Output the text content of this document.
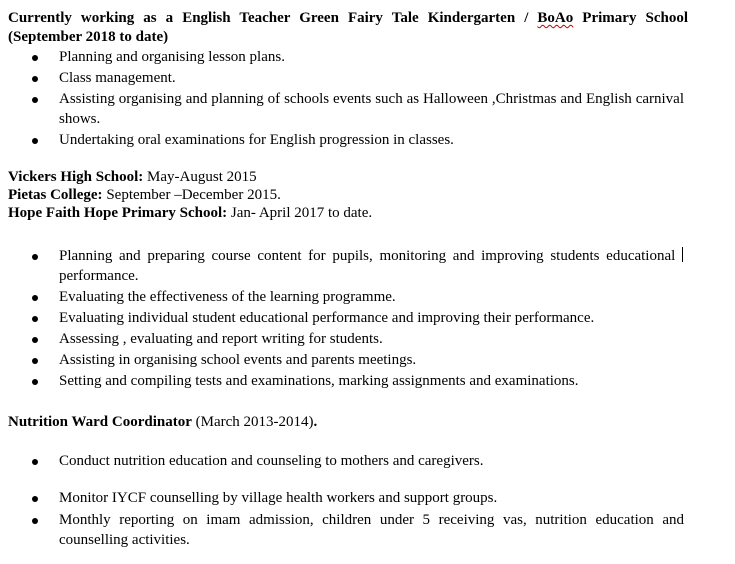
Currently working as a English Teacher Green Fairy Tale Kindergarten / BoAo Primary School (September 2018 to date)
Planning and organising lesson plans.
Class management.
Assisting organising and planning of schools events such as Halloween ,Christmas and English carnival shows.
Undertaking oral examinations for English progression in classes.
Vickers High School: May-August 2015
Pietas College: September –December 2015.
Hope Faith Hope Primary School: Jan- April 2017 to date.
Planning and preparing course content for pupils, monitoring and improving students educational performance.
Evaluating the effectiveness of the learning programme.
Evaluating individual student educational performance and improving their performance.
Assessing , evaluating and report writing for students.
Assisting in organising school events and parents meetings.
Setting and compiling tests and examinations, marking assignments and examinations.
Nutrition Ward Coordinator (March 2013-2014).
Conduct nutrition education and counseling to mothers and caregivers.
Monitor IYCF counselling by village health workers and support groups.
Monthly reporting on imam admission, children under 5 receiving vas, nutrition education and counselling activities.
